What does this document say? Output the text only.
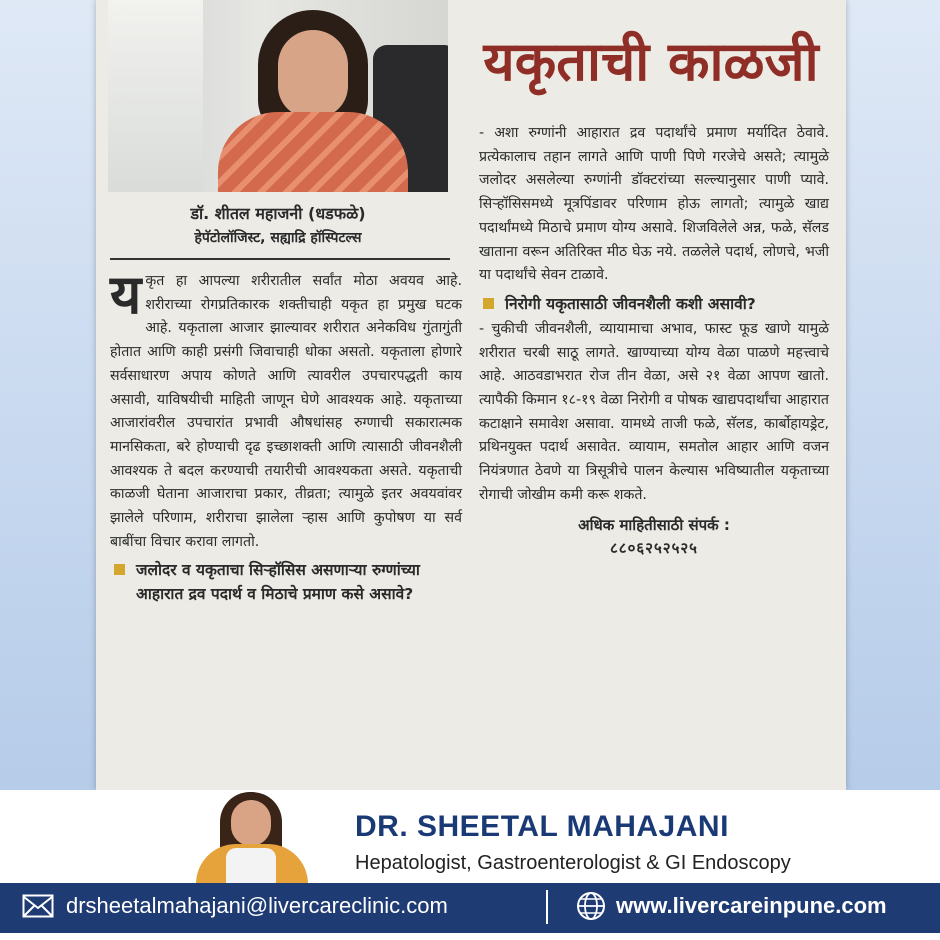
डॉ. शीतल महाजनी (धडफळे)
हेपॅटोलॉजिस्ट, सह्याद्रि हॉस्पिटल्स
यकृताची काळजी

यकृत हा आपल्या शरीरातील सर्वांत मोठा अवयव आहे. शरीराच्या रोगप्रतिकारक शक्तीचाही यकृत हा प्रमुख घटक आहे. यकृताला आजार झाल्यावर शरीरात अनेकविध गुंतागुंती होतात आणि काही प्रसंगी जिवाचाही धोका असतो. यकृताला होणारे सर्वसाधारण अपाय कोणते आणि त्यावरील उपचारपद्धती काय असावी, याविषयीची माहिती जाणून घेणे आवश्यक आहे. यकृताच्या आजारांवरील उपचारांत प्रभावी औषधांसह रुग्णाची सकारात्मक मानसिकता, बरे होण्याची दृढ इच्छाशक्ती आणि त्यासाठी जीवनशैली आवश्यक ते बदल करण्याची तयारीची आवश्यकता असते. यकृताची काळजी घेताना आजाराचा प्रकार, तीव्रता; त्यामुळे इतर अवयवांवर झालेले परिणाम, शरीराचा झालेला ऱ्हास आणि कुपोषण या सर्व बाबींचा विचार करावा लागतो.

जलोदर व यकृताचा सिऱ्हॉसिस असणाऱ्या रुग्णांच्या आहारात द्रव पदार्थ व मिठाचे प्रमाण कसे असावे?

- अशा रुग्णांनी आहारात द्रव पदार्थांचे प्रमाण मर्यादित ठेवावे. प्रत्येकालाच तहान लागते आणि पाणी पिणे गरजेचे असते; त्यामुळे जलोदर असलेल्या रुग्णांनी डॉक्टरांच्या सल्ल्यानुसार पाणी प्यावे. सिऱ्हॉसिसमध्ये मूत्रपिंडावर परिणाम होऊ लागतो; त्यामुळे खाद्य पदार्थांमध्ये मिठाचे प्रमाण योग्य असावे. शिजविलेले अन्न, फळे, सॅलड खाताना वरून अतिरिक्त मीठ घेऊ नये. तळलेले पदार्थ, लोणचे, भजी या पदार्थांचे सेवन टाळावे.

निरोगी यकृतासाठी जीवनशैली कशी असावी?

- चुकीची जीवनशैली, व्यायामाचा अभाव, फास्ट फूड खाणे यामुळे शरीरात चरबी साठू लागते. खाण्याच्या योग्य वेळा पाळणे महत्त्वाचे आहे. आठवडाभरात रोज तीन वेळा, असे २१ वेळा आपण खातो. त्यापैकी किमान १८-१९ वेळा निरोगी व पोषक खाद्यपदार्थांचा आहारात कटाक्षाने समावेश असावा. यामध्ये ताजी फळे, सॅलड, कार्बोहायड्रेट, प्रथिनयुक्त पदार्थ असावेत. व्यायाम, समतोल आहार आणि वजन नियंत्रणात ठेवणे या त्रिसूत्रीचे पालन केल्यास भविष्यातील यकृताच्या रोगाची जोखीम कमी करू शकते.

अधिक माहितीसाठी संपर्क :
८८०६२५२५२५
DR. SHEETAL MAHAJANI
Hepatologist, Gastroenterologist & GI Endoscopy
drsheetalmahajani@livercareclinic.com	www.livercareinpune.com
